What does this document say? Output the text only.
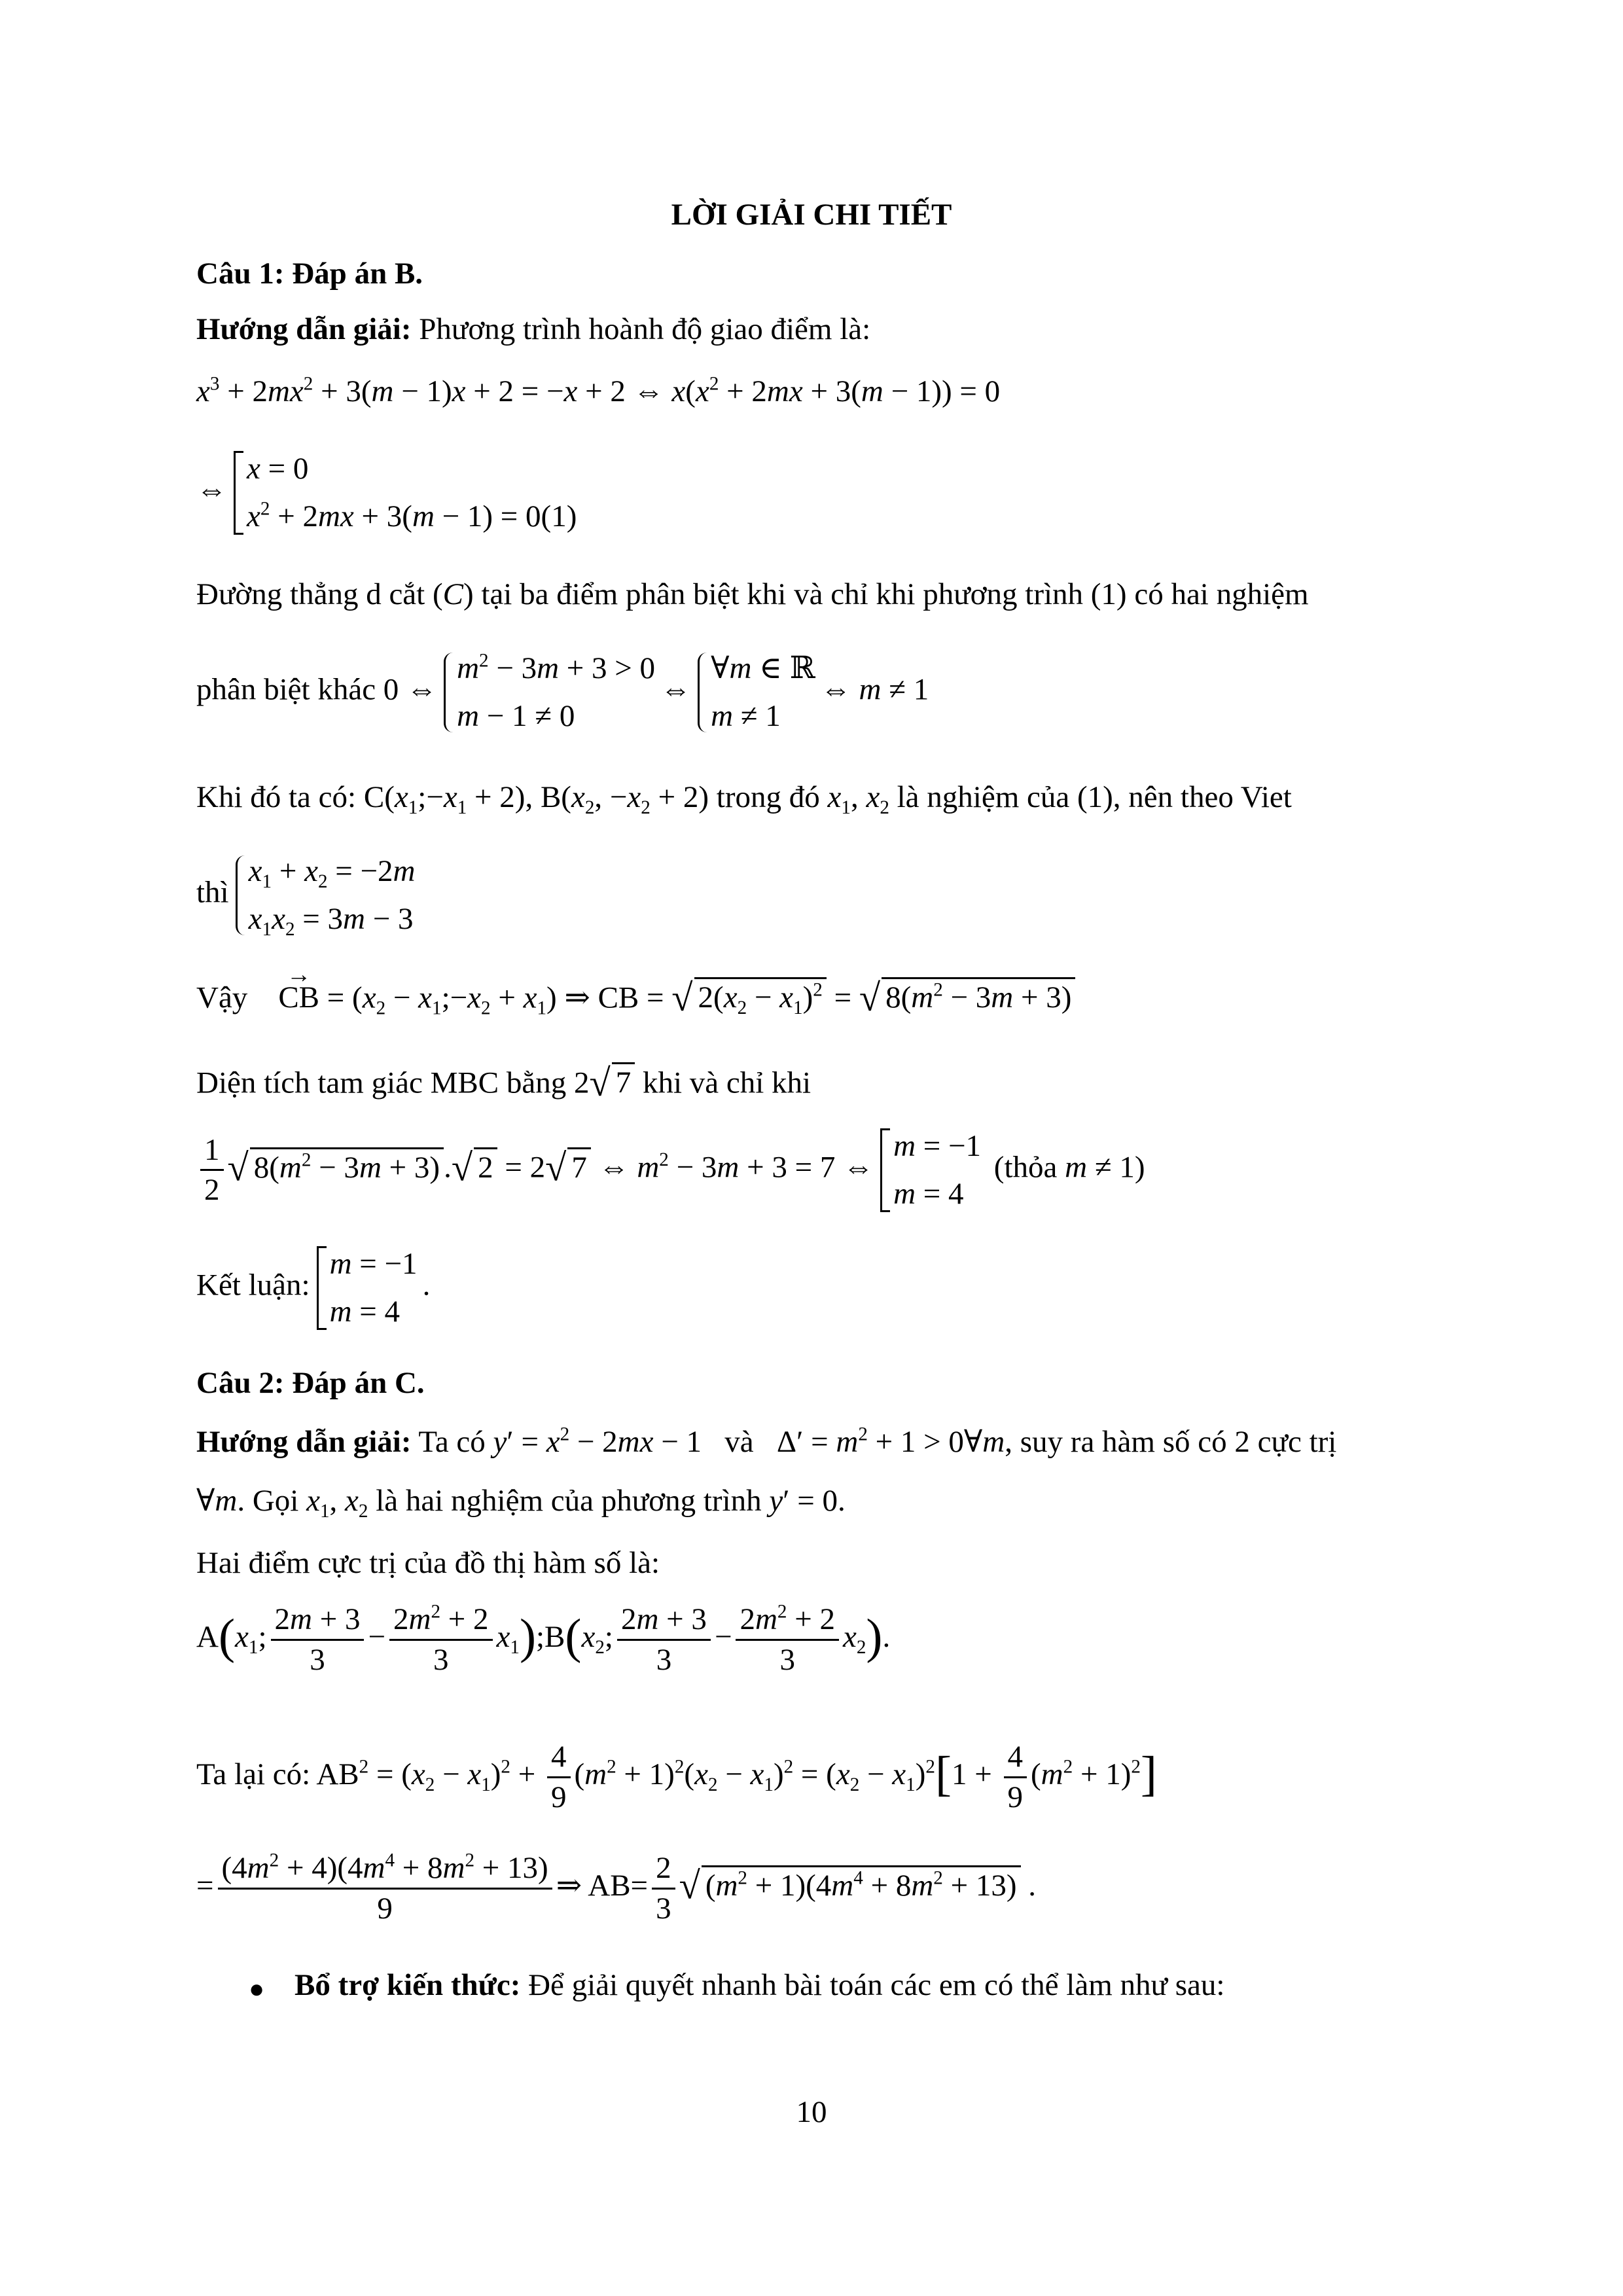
LỜI GIẢI CHI TIẾT
Câu 1: Đáp án B.
Hướng dẫn giải: Phương trình hoành độ giao điểm là:
$x^3 + 2mx^2 + 3(m - 1)x + 2 = -x + 2$ ⇔ $x(x^2 + 2mx + 3(m - 1)) = 0$
⇔
x = 0
$x^2 + 2mx + 3(m - 1) = 0(1)$
Đường thẳng d cắt (C) tại ba điểm phân biệt khi và chỉ khi phương trình (1) có hai nghiệm
phân biệt khác 0 ⇔
$m^2 - 3m + 3 > 0$
m − 1 ≠ 0
⇔
∀m ∈ ℝ
m ≠ 1
⇔ m ≠ 1
Khi đó ta có: $C(x_1;-x_1 + 2)$, $B(x_2$, $-x_2 + 2$) trong đó $x_1$, $x_2$ là nghiệm của (1), nên theo Viet
thì
$x_1 + x_2 = -2m$
$x_1x_2 = 3m - 3$
Vậy CB → = ($x_2$ − $x_1;-x_2 + x_1$) ⇒ CB = √ $2(x_2 - x_1)^2$ = √ $8(m^2 - 3m + 3)$
Diện tích tam giác MBC bằng 2√ 7 khi và chỉ khi
$\frac{1}{2}$ √ $8(m^2 - 3m + 3)$ .√ 2 = 2√ 7 ⇔ $m^2 - 3m + 3 = 7$ ⇔
m = −1
m = 4
(thỏa m ≠ 1)
Kết luận:
m = −1
m = 4
.
Câu 2: Đáp án C.
Hướng dẫn giải: Ta có $y' = x^2 - 2mx - 1$   và   $\Delta' = m^2 + 1$ > 0∀m, suy ra hàm số có 2 cực trị
∀m. Gọi $x_1$, $x_2$ là hai nghiệm của phương trình y′ = 0.
Hai điểm cực trị của đồ thị hàm số là:
$A(x_1$; $\frac{2m + 3}{3} - \frac{2m^2 + 2}{3}$ $x_1);B(x_2$; $\frac{2m + 3}{3} - \frac{2m^2 + 2}{3} x_2$).
Ta lại có: $AB^2 = (x_2 - x_1)^2 + \frac{4}{9} (m^2 + 1)^2(x_2 - x_1)^2 = (x_2 - x_1)^2[1 + \frac{4}{9} (m^2 + 1)^2]$
= $\frac{(4m^2 + 4)(4m^4 + 8m^2 + 13)}{9}$ ⇒ $AB= \frac{2}{3}$ √ $(m^2 + 1)(4m^4 + 8m^2 + 13)$ .
● Bổ trợ kiến thức: Để giải quyết nhanh bài toán các em có thể làm như sau:
10
